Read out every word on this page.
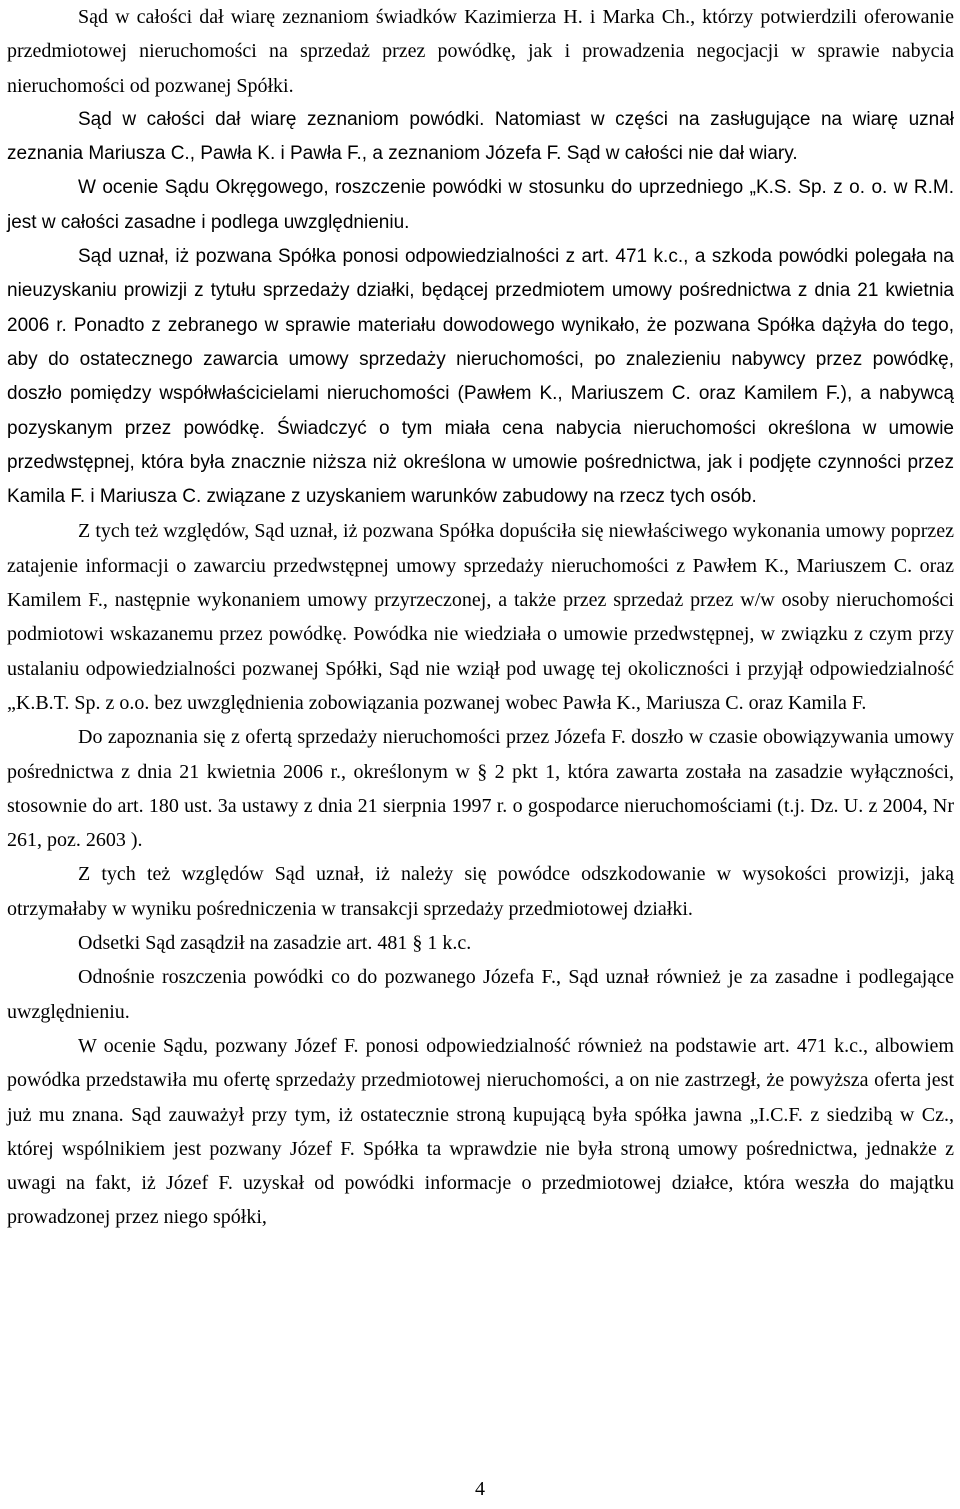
Sąd w całości dał wiarę zeznaniom świadków Kazimierza H. i Marka Ch., którzy potwierdzili oferowanie przedmiotowej nieruchomości na sprzedaż przez powódkę, jak i prowadzenia negocjacji w sprawie nabycia nieruchomości od pozwanej Spółki.

Sąd w całości dał wiarę zeznaniom powódki. Natomiast w części na zasługujące na wiarę uznał zeznania Mariusza C., Pawła K. i Pawła F., a zeznaniom Józefa F. Sąd w całości nie dał wiary.

W ocenie Sądu Okręgowego, roszczenie powódki w stosunku do uprzedniego „K.S. Sp. z o. o. w R.M. jest w całości zasadne i podlega uwzględnieniu.

Sąd uznał, iż pozwana Spółka ponosi odpowiedzialności z art. 471 k.c., a szkoda powódki polegała na nieuzyskaniu prowizji z tytułu sprzedaży działki, będącej przedmiotem umowy pośrednictwa z dnia 21 kwietnia 2006 r. Ponadto z zebranego w sprawie materiału dowodowego wynikało, że pozwana Spółka dążyła do tego, aby do ostatecznego zawarcia umowy sprzedaży nieruchomości, po znalezieniu nabywcy przez powódkę, doszło pomiędzy współwłaścicielami nieruchomości (Pawłem K., Mariuszem C. oraz Kamilem F.), a nabywcą pozyskanym przez powódkę. Świadczyć o tym miała cena nabycia nieruchomości określona w umowie przedwstępnej, która była znacznie niższa niż określona w umowie pośrednictwa, jak i podjęte czynności przez Kamila F. i Mariusza C. związane z uzyskaniem warunków zabudowy na rzecz tych osób.

Z tych też względów, Sąd uznał, iż pozwana Spółka dopuściła się niewłaściwego wykonania umowy poprzez zatajenie informacji o zawarciu przedwstępnej umowy sprzedaży nieruchomości z Pawłem K., Mariuszem C. oraz Kamilem F., następnie wykonaniem umowy przyrzeczonej, a także przez sprzedaż przez w/w osoby nieruchomości podmiotowi wskazanemu przez powódkę. Powódka nie wiedziała o umowie przedwstępnej, w związku z czym przy ustalaniu odpowiedzialności pozwanej Spółki, Sąd nie wziął pod uwagę tej okoliczności i przyjął odpowiedzialność „K.B.T. Sp. z o.o. bez uwzględnienia zobowiązania pozwanej wobec Pawła K., Mariusza C. oraz Kamila F.

Do zapoznania się z ofertą sprzedaży nieruchomości przez Józefa F. doszło w czasie obowiązywania umowy pośrednictwa z dnia 21 kwietnia 2006 r., określonym w § 2 pkt 1, która zawarta została na zasadzie wyłączności, stosownie do art. 180 ust. 3a ustawy z dnia 21 sierpnia 1997 r. o gospodarce nieruchomościami (t.j. Dz. U. z 2004, Nr 261, poz. 2603 ).

Z tych też względów Sąd uznał, iż należy się powódce odszkodowanie w wysokości prowizji, jaką otrzymałaby w wyniku pośredniczenia w transakcji sprzedaży przedmiotowej działki.

Odsetki Sąd zasądził na zasadzie art. 481 § 1 k.c.

Odnośnie roszczenia powódki co do pozwanego Józefa F., Sąd uznał również je za zasadne i podlegające uwzględnieniu.

W ocenie Sądu, pozwany Józef F. ponosi odpowiedzialność również na podstawie art. 471 k.c., albowiem powódka przedstawiła mu ofertę sprzedaży przedmiotowej nieruchomości, a on nie zastrzegł, że powyższa oferta jest już mu znana. Sąd zauważył przy tym, iż ostatecznie stroną kupującą była spółka jawna „I.C.F. z siedzibą w Cz., której wspólnikiem jest pozwany Józef F. Spółka ta wprawdzie nie była stroną umowy pośrednictwa, jednakże z uwagi na fakt, iż Józef F. uzyskał od powódki informacje o przedmiotowej działce, która weszła do majątku prowadzonej przez niego spółki,

4
